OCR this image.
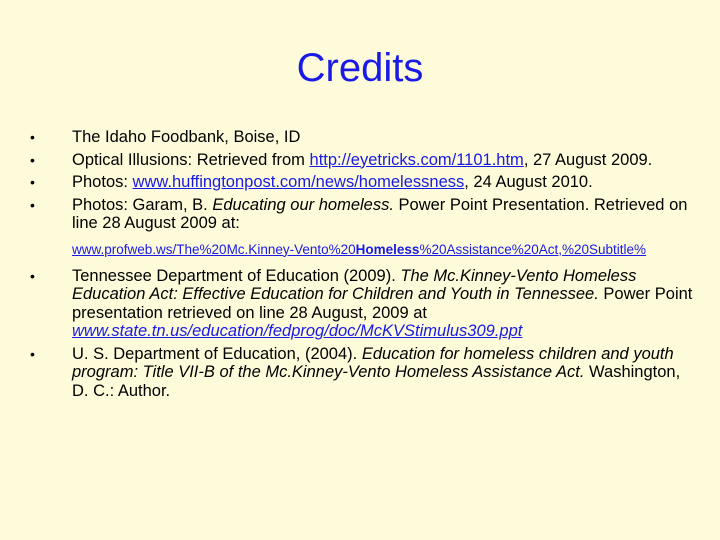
Credits
• The Idaho Foodbank, Boise, ID
• Optical Illusions: Retrieved from http://eyetricks.com/1101.htm, 27 August 2009.
• Photos: www.huffingtonpost.com/news/homelessness, 24 August 2010.
• Photos: Garam, B. Educating our homeless. Power Point Presentation. Retrieved on line 28 August 2009 at:
www.profweb.ws/The%20Mc.Kinney-Vento%20Homeless%20Assistance%20Act,%20Subtitle%
• Tennessee Department of Education (2009). The Mc.Kinney-Vento Homeless Education Act: Effective Education for Children and Youth in Tennessee. Power Point presentation retrieved on line 28 August, 2009 at www.state.tn.us/education/fedprog/doc/McKVStimulus309.ppt
• U. S. Department of Education, (2004). Education for homeless children and youth program: Title VII-B of the Mc.Kinney-Vento Homeless Assistance Act. Washington, D. C.: Author.
